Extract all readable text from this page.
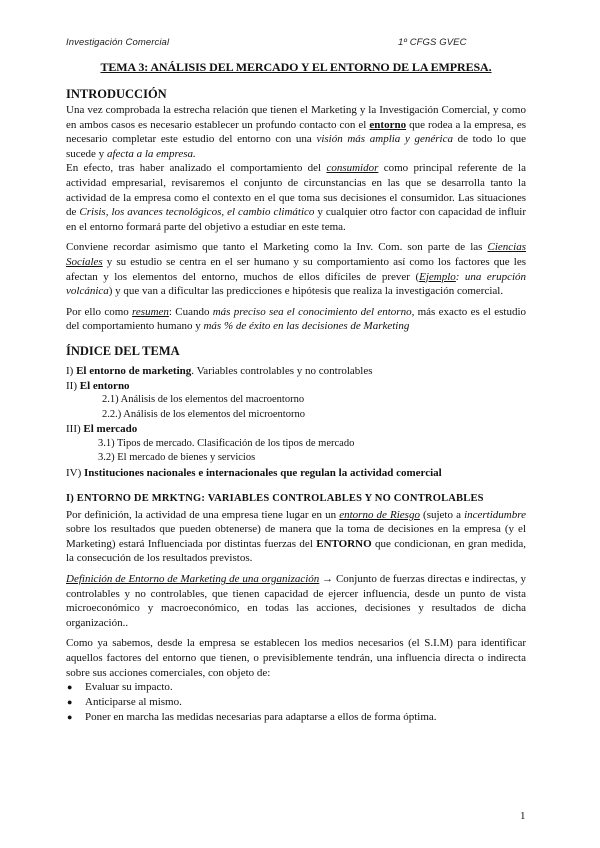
Investigación Comercial	1º CFGS GVEC
TEMA 3: ANÁLISIS DEL MERCADO Y EL ENTORNO DE LA EMPRESA.
INTRODUCCIÓN

Una vez comprobada la estrecha relación que tienen el Marketing y la Investigación Comercial, y como en ambos casos es necesario establecer un profundo contacto con el entorno que rodea a la empresa, es necesario completar este estudio del entorno con una visión más amplia y genérica de todo lo que sucede y afecta a la empresa.

En efecto, tras haber analizado el comportamiento del consumidor como principal referente de la actividad empresarial, revisaremos el conjunto de circunstancias en las que se desarrolla tanto la actividad de la empresa como el contexto en el que toma sus decisiones el consumidor. Las situaciones de Crisis, los avances tecnológicos, el cambio climático y cualquier otro factor con capacidad de influir en el entorno formará parte del objetivo a estudiar en este tema.

Conviene recordar asimismo que tanto el Marketing como la Inv. Com. son parte de las Ciencias Sociales y su estudio se centra en el ser humano y su comportamiento así como los factores que les afectan y los elementos del entorno, muchos de ellos difíciles de prever (Ejemplo: una erupción volcánica) y que van a dificultar las predicciones e hipótesis que realiza la investigación comercial.

Por ello como resumen: Cuando más preciso sea el conocimiento del entorno, más exacto es el estudio del comportamiento humano y más % de éxito en las decisiones de Marketing

ÍNDICE DEL TEMA
I) El entorno de marketing. Variables controlables y no controlables
II) El entorno
2.1) Análisis de los elementos del macroentorno
2.2.) Análisis de los elementos del microentorno
III) El mercado
3.1) Tipos de mercado. Clasificación de los tipos de mercado
3.2) El mercado de bienes y servicios
IV) Instituciones nacionales e internacionales que regulan la actividad comercial
I) ENTORNO DE MRKTNG: VARIABLES CONTROLABLES Y NO CONTROLABLES

Por definición, la actividad de una empresa tiene lugar en un entorno de Riesgo (sujeto a incertidumbre sobre los resultados que pueden obtenerse) de manera que la toma de decisiones en la empresa (y el Marketing) estará Influenciada por distintas fuerzas del ENTORNO que condicionan, en gran medida, la consecución de los resultados previstos.

Definición de Entorno de Marketing de una organización → Conjunto de fuerzas directas e indirectas, y controlables y no controlables, que tienen capacidad de ejercer influencia, desde un punto de vista microeconómico y macroeconómico, en todas las acciones, decisiones y resultados de dicha organización..

Como ya sabemos, desde la empresa se establecen los medios necesarios (el S.I.M) para identificar aquellos factores del entorno que tienen, o previsiblemente tendrán, una influencia directa o indirecta sobre sus acciones comerciales, con objeto de:

● Evaluar su impacto.
● Anticiparse al mismo.
● Poner en marcha las medidas necesarias para adaptarse a ellos de forma óptima.
1
